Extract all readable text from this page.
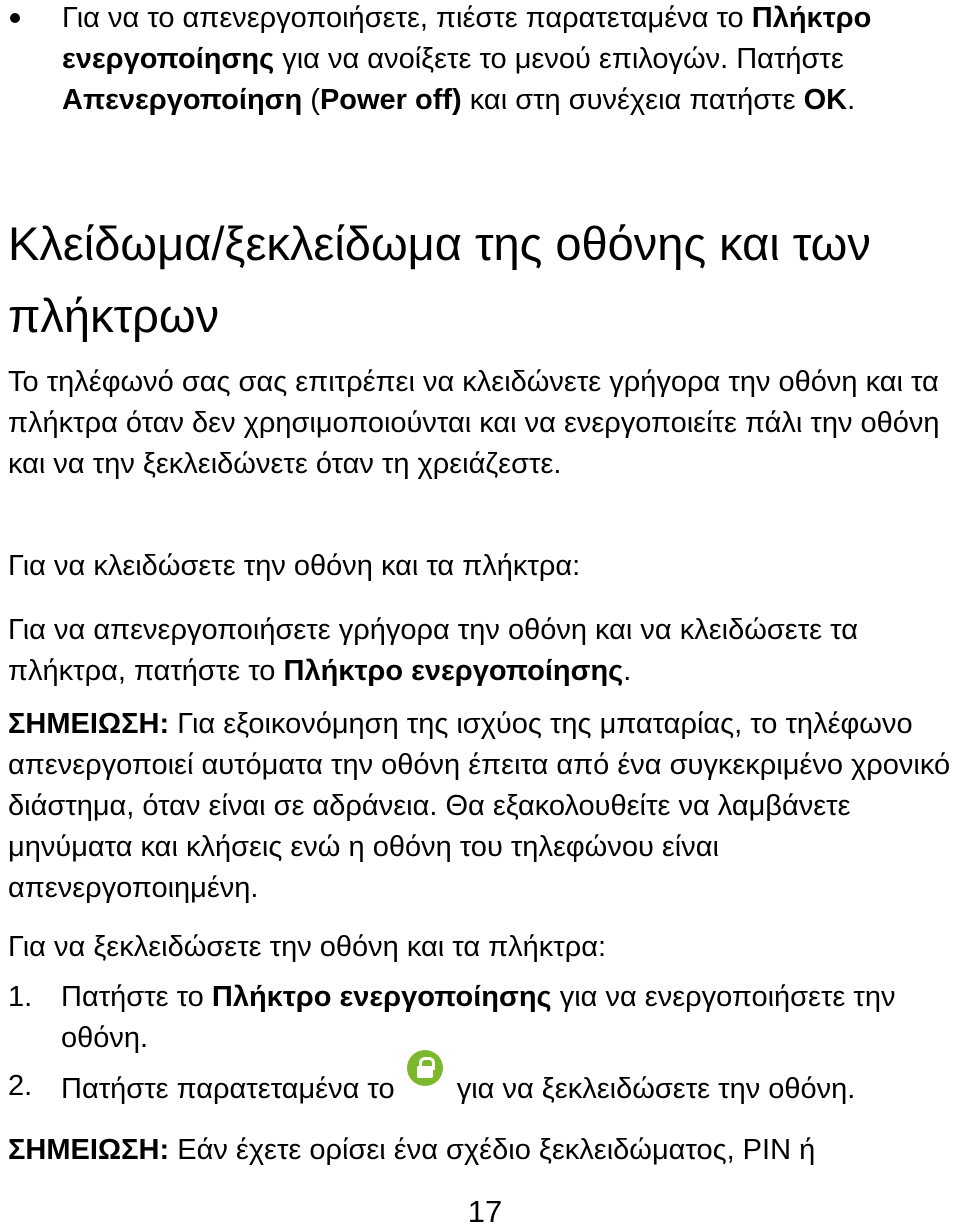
Για να το απενεργοποιήσετε, πιέστε παρατεταμένα το Πλήκτρο ενεργοποίησης για να ανοίξετε το μενού επιλογών. Πατήστε Απενεργοποίηση (Power off) και στη συνέχεια πατήστε OK.

Κλείδωμα/ξεκλείδωμα της οθόνης και των πλήκτρων

Το τηλέφωνό σας σας επιτρέπει να κλειδώνετε γρήγορα την οθόνη και τα πλήκτρα όταν δεν χρησιμοποιούνται και να ενεργοποιείτε πάλι την οθόνη και να την ξεκλειδώνετε όταν τη χρειάζεστε.

Για να κλειδώσετε την οθόνη και τα πλήκτρα:

Για να απενεργοποιήσετε γρήγορα την οθόνη και να κλειδώσετε τα πλήκτρα, πατήστε το Πλήκτρο ενεργοποίησης.

ΣΗΜΕΙΩΣΗ: Για εξοικονόμηση της ισχύος της μπαταρίας, το τηλέφωνο απενεργοποιεί αυτόματα την οθόνη έπειτα από ένα συγκεκριμένο χρονικό διάστημα, όταν είναι σε αδράνεια. Θα εξακολουθείτε να λαμβάνετε μηνύματα και κλήσεις ενώ η οθόνη του τηλεφώνου είναι απενεργοποιημένη.

Για να ξεκλειδώσετε την οθόνη και τα πλήκτρα:

1. Πατήστε το Πλήκτρο ενεργοποίησης για να ενεργοποιήσετε την οθόνη.

2. Πατήστε παρατεταμένα το
για να ξεκλειδώσετε την οθόνη.

ΣΗΜΕΙΩΣΗ: Εάν έχετε ορίσει ένα σχέδιο ξεκλειδώματος, PIN ή

17
